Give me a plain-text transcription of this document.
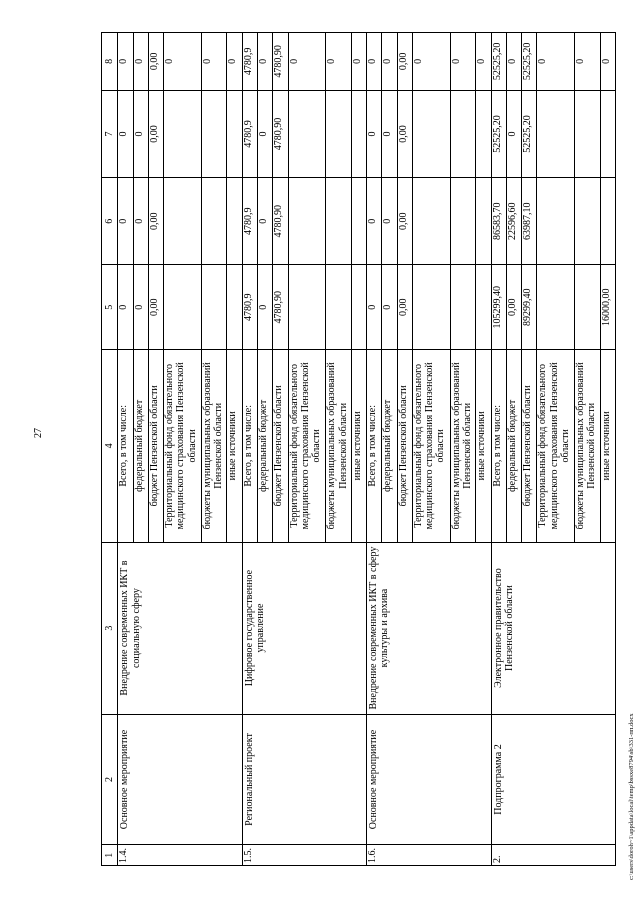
27
1	2	3	4	5	6	7	8
1.4.	Основное мероприятие	Внедрение современных ИКТ в социальную сферу	Всего, в том числе:	0	0	0	0
			федеральный бюджет	0	0	0	0
			бюджет Пензенской области	0,00	0,00	0,00	0,00
			Территориальный фонд обязательного медицинского страхования Пензенской области				0
			бюджеты муниципальных образований Пензенской области				0
			иные источники				0
1.5.	Региональный проект	Цифровое государственное управление	Всего, в том числе:	4780,9	4780,9	4780,9	4780,9
			федеральный бюджет	0	0	0	0
			бюджет Пензенской области	4780,90	4780,90	4780,90	4780,90
			Территориальный фонд обязательного медицинского страхования Пензенской области				0
			бюджеты муниципальных образований Пензенской области				0
			иные источники				0
1.6.	Основное мероприятие	Внедрение современных ИКТ в сферу культуры и архива	Всего, в том числе:	0	0	0	0
			федеральный бюджет	0	0	0	0
			бюджет Пензенской области	0,00	0,00	0,00	0,00
			Территориальный фонд обязательного медицинского страхования Пензенской области				0
			бюджеты муниципальных образований Пензенской области				0
			иные источники				0
2.	Подпрограмма 2	Электронное правительство Пензенской области	Всего, в том числе:	105299,40	86583,70	52525,20	52525,20
			федеральный бюджет	0,00	22596,60	0	0
			бюджет Пензенской области	89299,40	63987,10	52525,20	52525,20
			Территориальный фонд обязательного медицинского страхования Пензенской области				0
			бюджеты муниципальных образований Пензенской области				0
			иные источники	16000,00			0
c:\users\doroh~1\appdata\local\temp\bssxe8794\sb\331-пп.docx
